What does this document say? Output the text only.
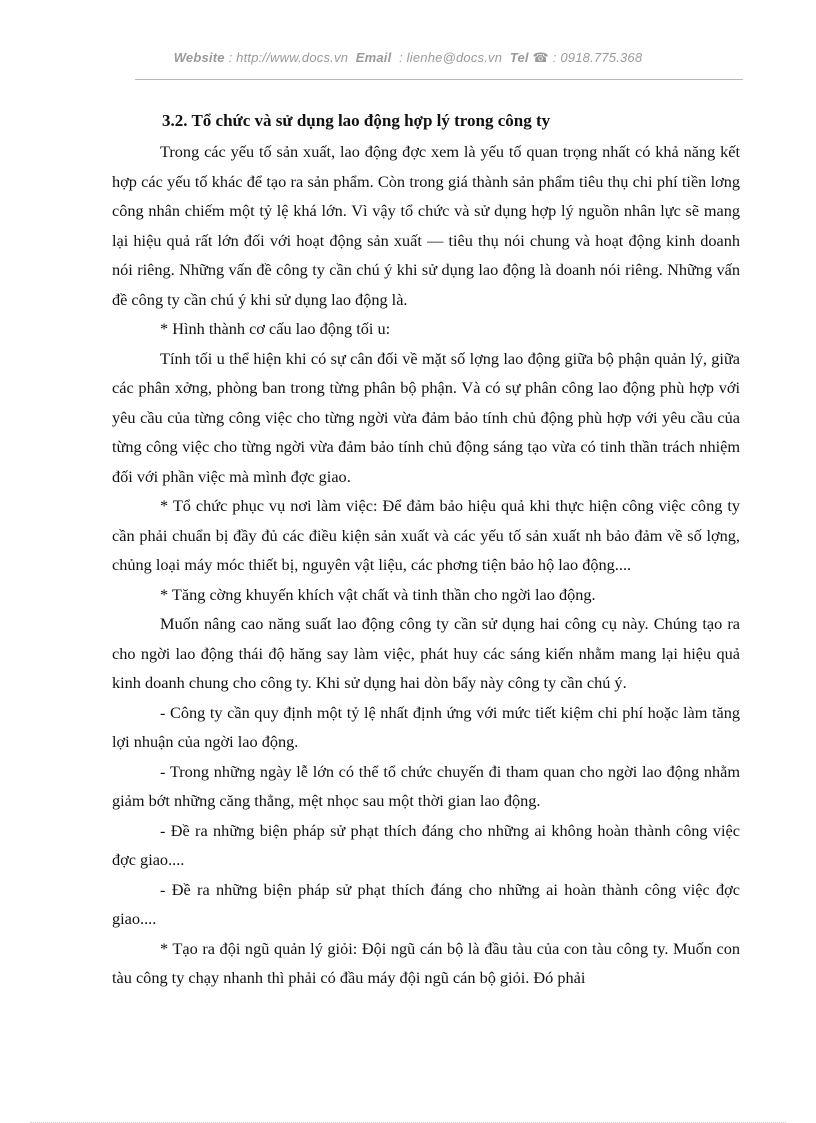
Website : http://www.docs.vn Email : lienhe@docs.vn Tel ☎ : 0918.775.368
3.2. Tổ chức và sử dụng lao động hợp lý trong công ty

Trong các yếu tố sản xuất, lao động đợc xem là yếu tố quan trọng nhất có khả năng kết hợp các yếu tố khác để tạo ra sản phẩm. Còn trong giá thành sản phẩm tiêu thụ chi phí tiền lơng công nhân chiếm một tỷ lệ khá lớn. Vì vậy tổ chức và sử dụng hợp lý nguồn nhân lực sẽ mang lại hiệu quả rất lớn đối với hoạt động sản xuất — tiêu thụ nói chung và hoạt động kinh doanh nói riêng. Những vấn đề công ty cần chú ý khi sử dụng lao động là doanh nói riêng. Những vấn đề công ty cần chú ý khi sử dụng lao động là.

* Hình thành cơ cấu lao động tối u:

Tính tối u thể hiện khi có sự cân đối về mặt số lợng lao động giữa bộ phận quản lý, giữa các phân xởng, phòng ban trong từng phân bộ phận. Và có sự phân công lao động phù hợp với yêu cầu của từng công việc cho từng ngời vừa đảm bảo tính chủ động phù hợp với yêu cầu của từng công việc cho từng ngời vừa đảm bảo tính chủ động sáng tạo vừa có tinh thần trách nhiệm đối với phần việc mà mình đợc giao.

* Tổ chức phục vụ nơi làm việc: Để đảm bảo hiệu quả khi thực hiện công việc công ty cần phải chuẩn bị đầy đủ các điều kiện sản xuất và các yếu tố sản xuất nh bảo đảm về số lợng, chủng loại máy móc thiết bị, nguyên vật liệu, các phơng tiện bảo hộ lao động....

* Tăng cờng khuyến khích vật chất và tinh thần cho ngời lao động.

Muốn nâng cao năng suất lao động công ty cần sử dụng hai công cụ này. Chúng tạo ra cho ngời lao động thái độ hăng say làm việc, phát huy các sáng kiến nhằm mang lại hiệu quả kinh doanh chung cho công ty. Khi sử dụng hai dòn bẩy này công ty cần chú ý.

- Công ty cần quy định một tỷ lệ nhất định ứng với mức tiết kiệm chi phí hoặc làm tăng lợi nhuận của ngời lao động.

- Trong những ngày lễ lớn có thể tổ chức chuyến đi tham quan cho ngời lao động nhằm giảm bớt những căng thẳng, mệt nhọc sau một thời gian lao động.

- Đề ra những biện pháp sử phạt thích đáng cho những ai không hoàn thành công việc đợc giao....

- Đề ra những biện pháp sử phạt thích đáng cho những ai hoàn thành công việc đợc giao....

* Tạo ra đội ngũ quản lý giỏi: Đội ngũ cán bộ là đầu tàu của con tàu công ty. Muốn con tàu công ty chạy nhanh thì phải có đầu máy đội ngũ cán bộ giỏi. Đó phải
